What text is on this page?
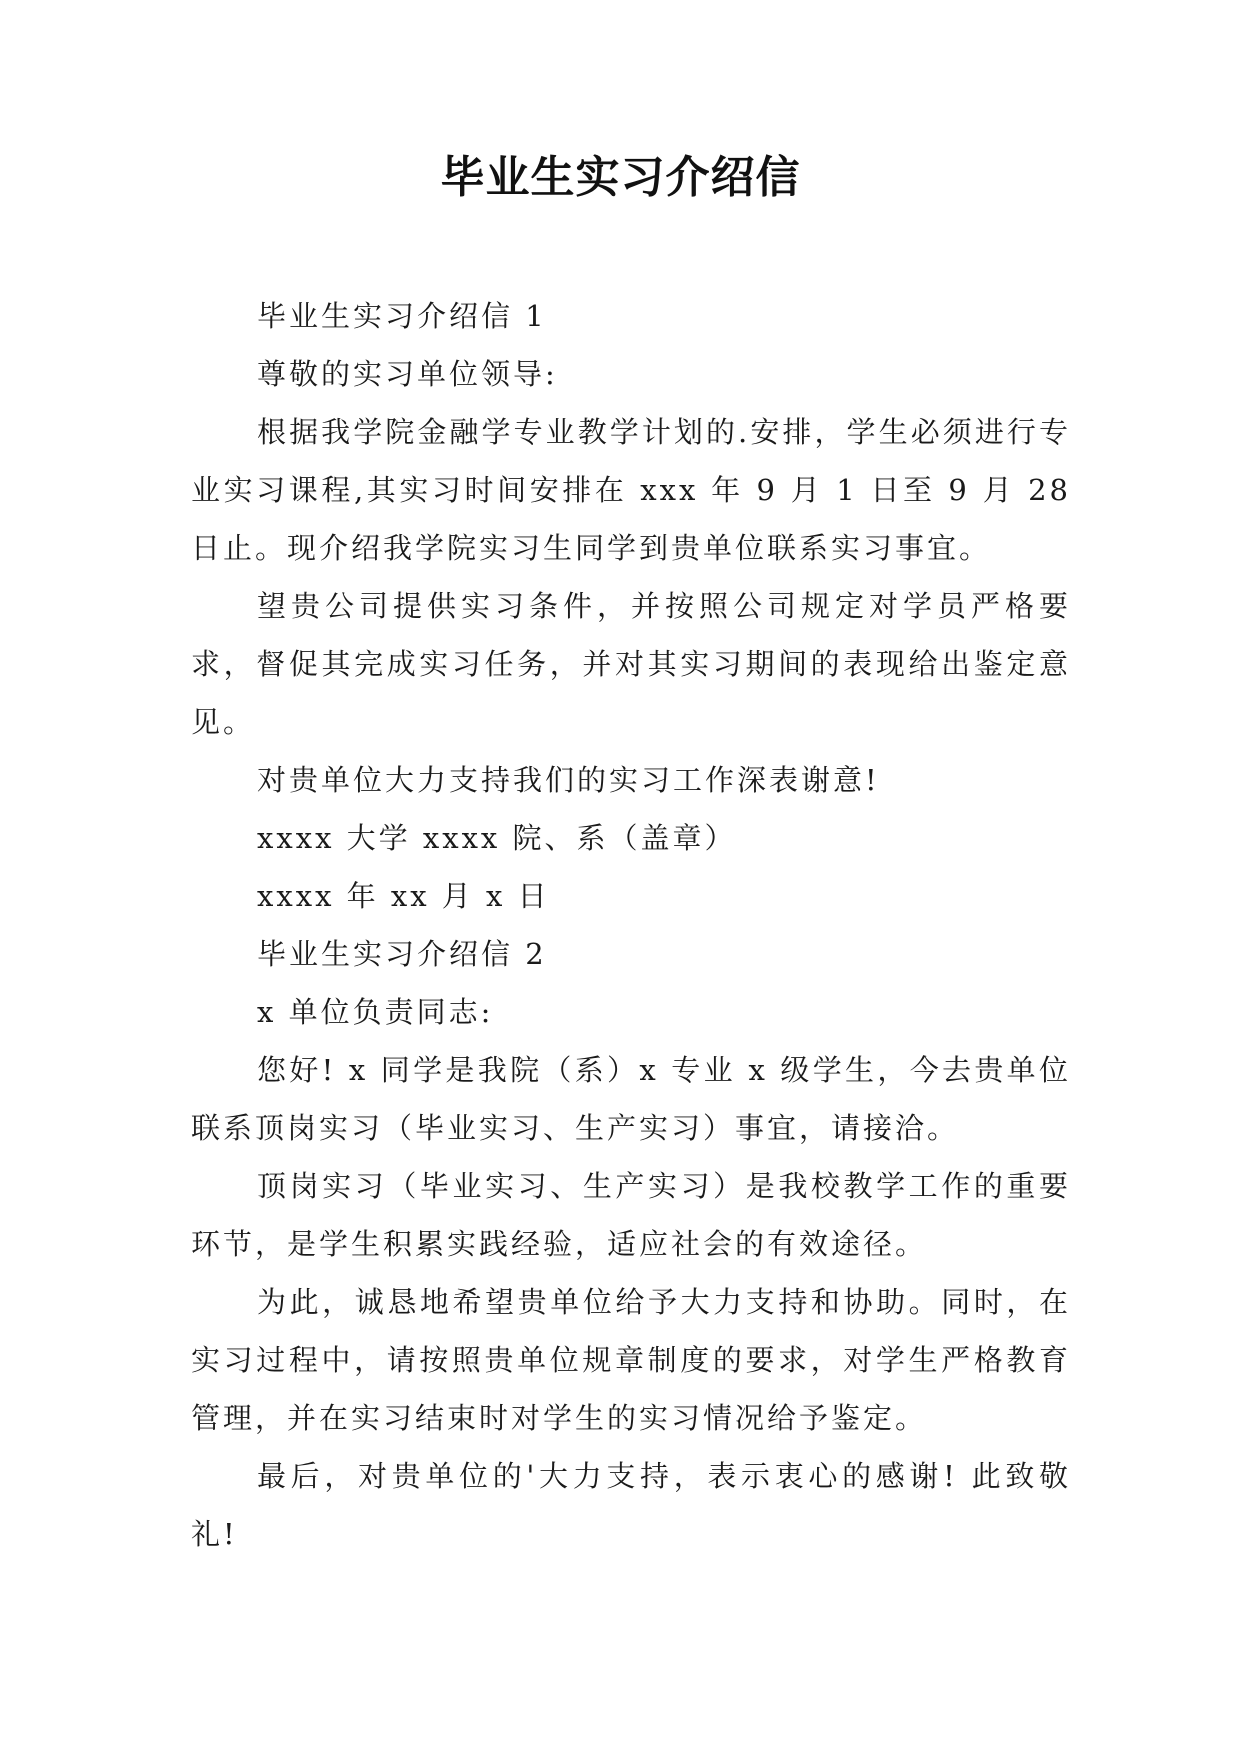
毕业生实习介绍信

毕业生实习介绍信 1

尊敬的实习单位领导:

根据我学院金融学专业教学计划的.安排，学生必须进行专业实习课程,其实习时间安排在 xxx 年 9 月 1 日至 9 月 28 日止。现介绍我学院实习生同学到贵单位联系实习事宜。

望贵公司提供实习条件，并按照公司规定对学员严格要求，督促其完成实习任务，并对其实习期间的表现给出鉴定意见。

对贵单位大力支持我们的实习工作深表谢意!

xxxx 大学 xxxx 院、系（盖章）

xxxx 年 xx 月 x 日

毕业生实习介绍信 2

x 单位负责同志:

您好! x 同学是我院（系）x 专业 x 级学生，今去贵单位联系顶岗实习（毕业实习、生产实习）事宜，请接洽。

顶岗实习（毕业实习、生产实习）是我校教学工作的重要环节，是学生积累实践经验，适应社会的有效途径。

为此，诚恳地希望贵单位给予大力支持和协助。同时，在实习过程中，请按照贵单位规章制度的要求，对学生严格教育管理，并在实习结束时对学生的实习情况给予鉴定。

最后，对贵单位的'大力支持，表示衷心的感谢! 此致敬礼!
